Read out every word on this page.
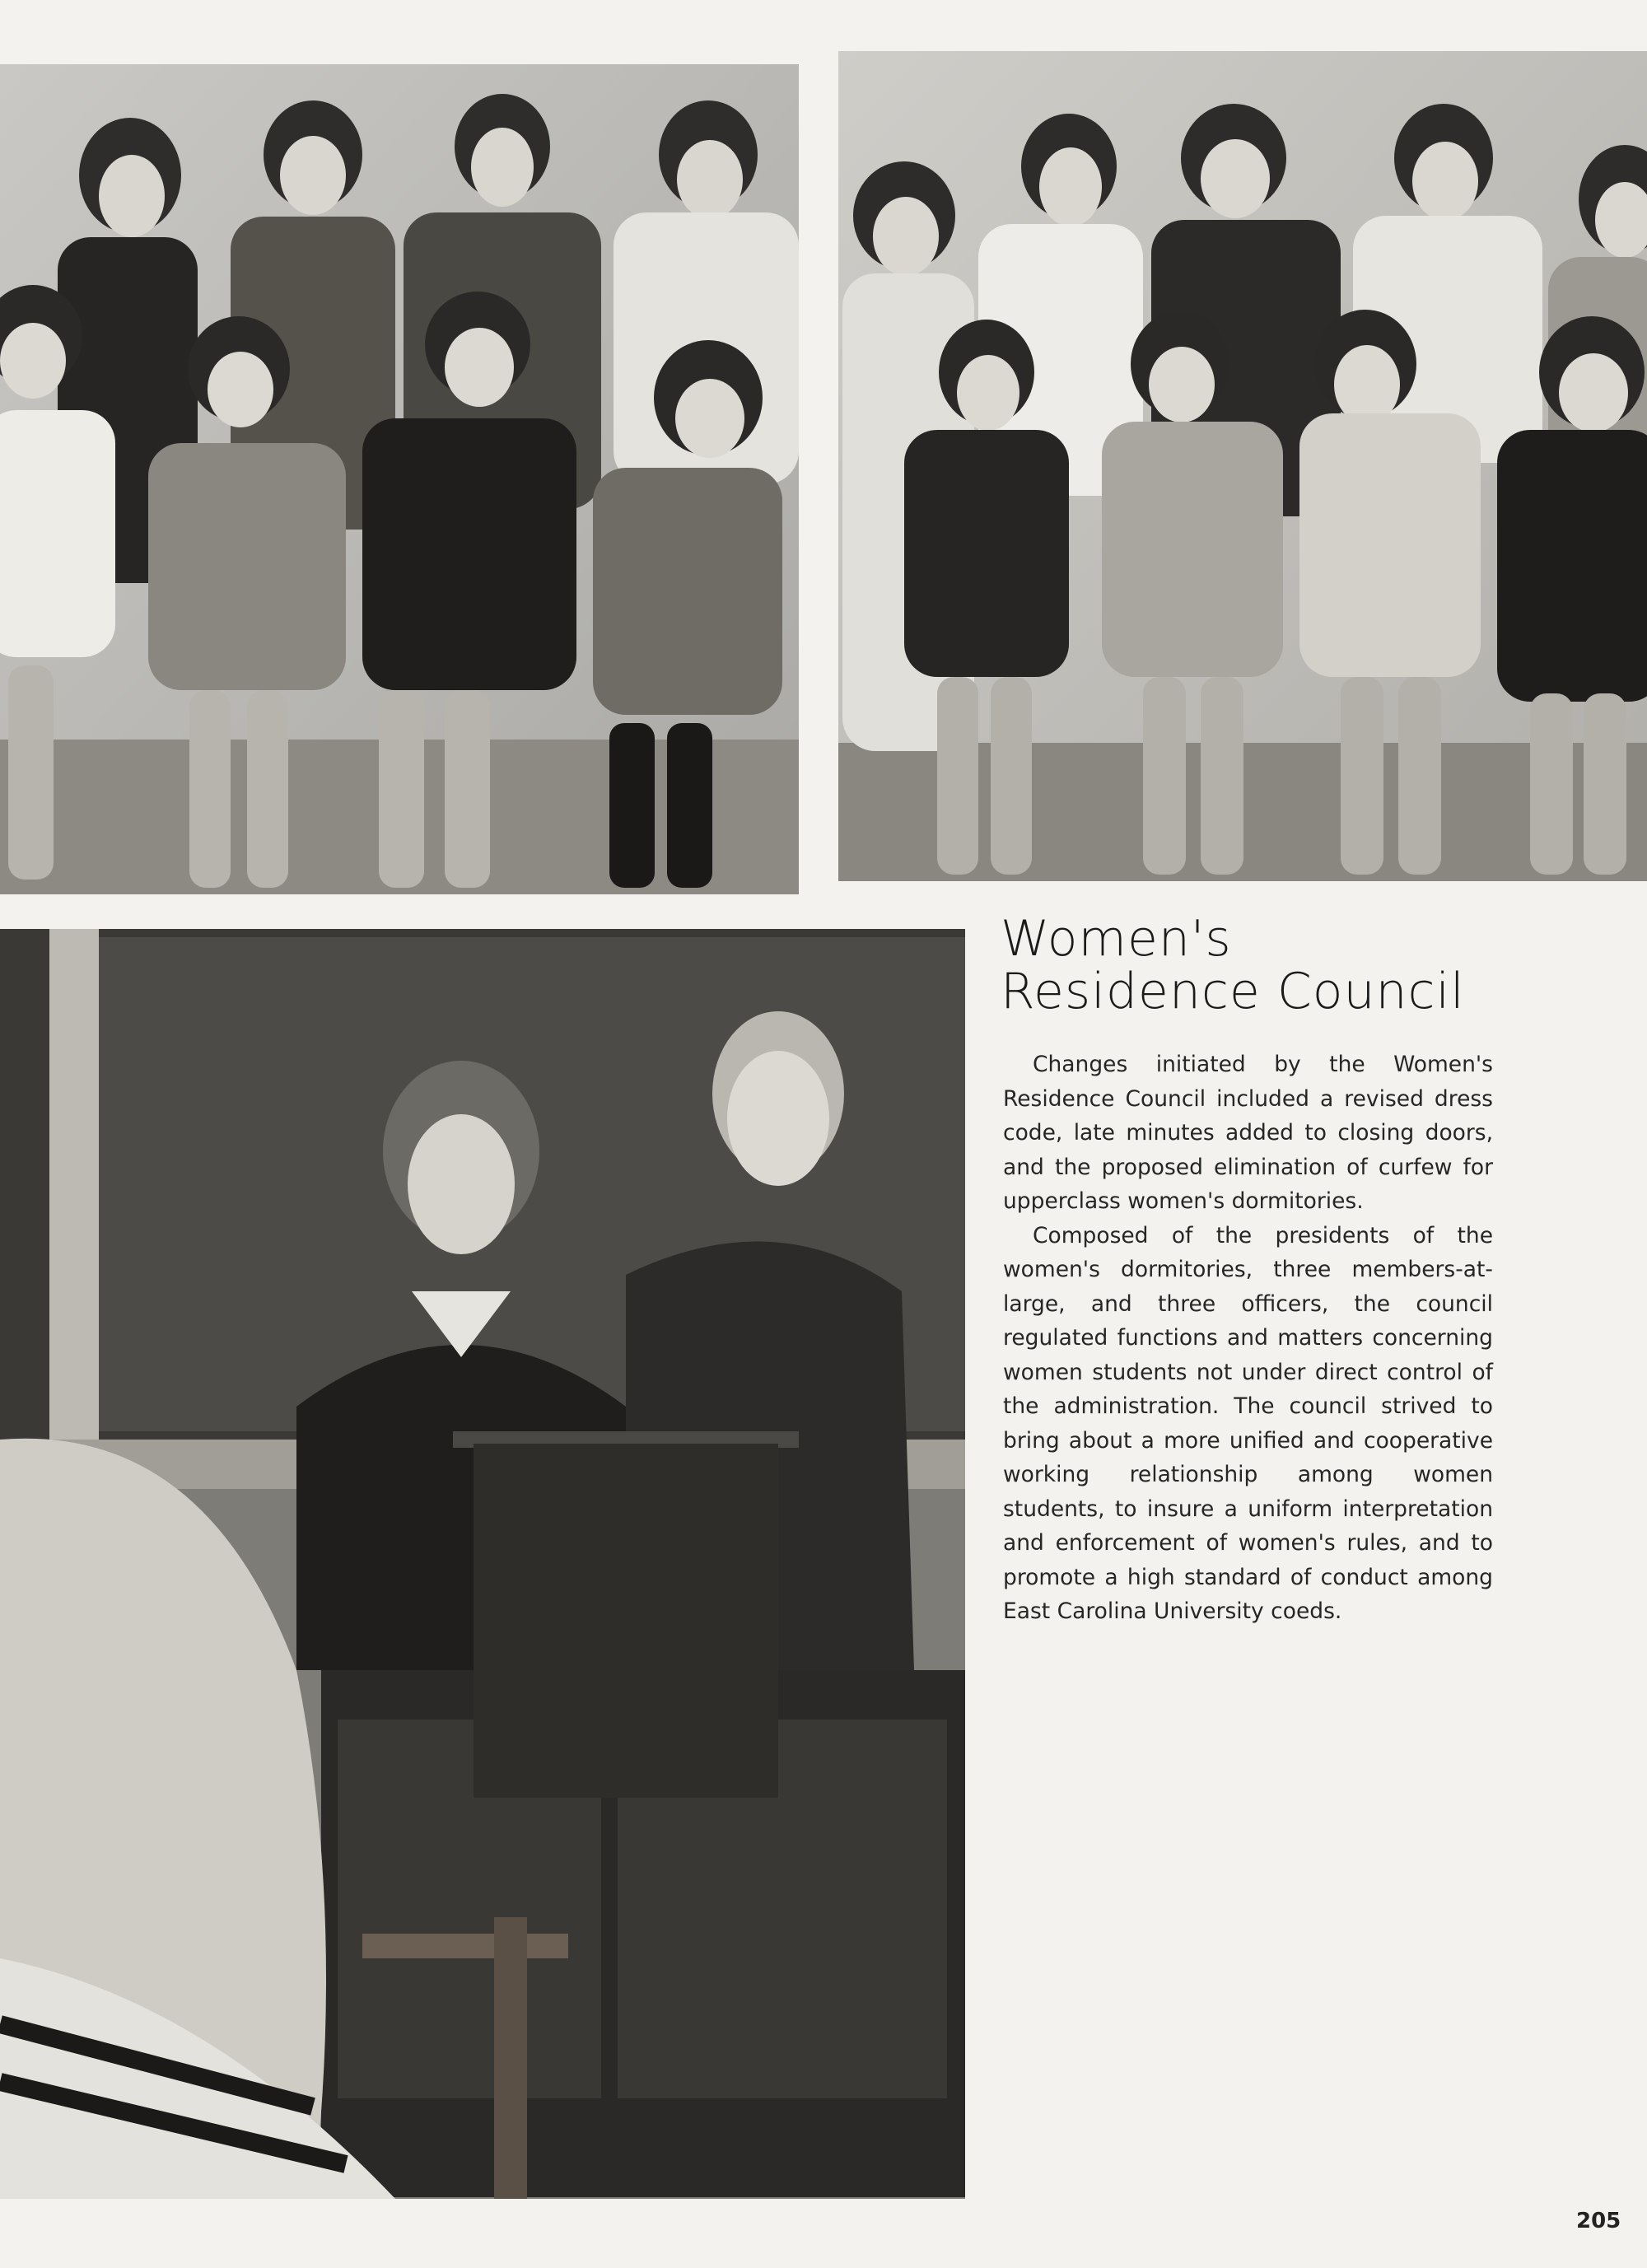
Women's
Residence Council

Changes initiated by the Women's Residence Council included a revised dress code, late minutes added to closing doors, and the proposed elimination of curfew for upperclass women's dormitories.

Composed of the presidents of the women's dormitories, three members-at-large, and three officers, the council regulated functions and matters concerning women students not under direct control of the administration. The council strived to bring about a more unified and cooperative working relationship among women students, to insure a uniform interpretation and enforcement of women's rules, and to promote a high standard of conduct among East Carolina University coeds.

205
